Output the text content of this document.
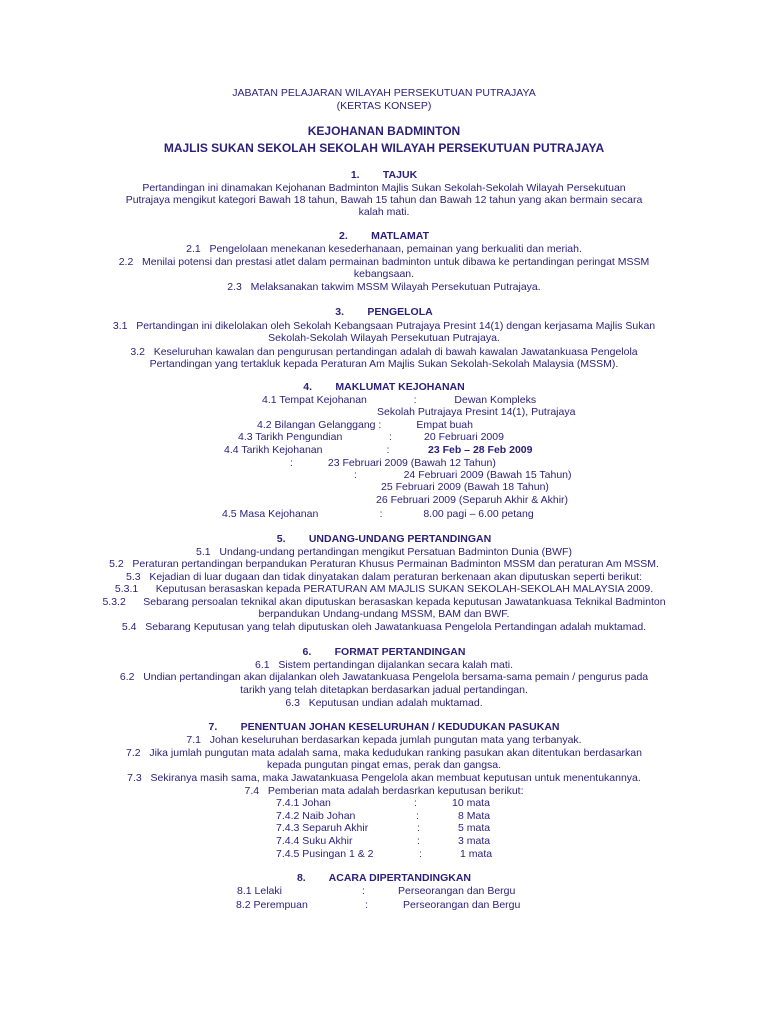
JABATAN PELAJARAN WILAYAH PERSEKUTUAN PUTRAJAYA
(KERTAS KONSEP)
KEJOHANAN BADMINTON
MAJLIS SUKAN SEKOLAH SEKOLAH WILAYAH PERSEKUTUAN PUTRAJAYA
1.        TAJUK
Pertandingan ini dinamakan Kejohanan Badminton Majlis Sukan Sekolah-Sekolah Wilayah Persekutuan
Putrajaya mengikut kategori Bawah 18 tahun, Bawah 15 tahun dan Bawah 12 tahun yang akan bermain secara
kalah mati.
2.        MATLAMAT
2.1   Pengelolaan menekanan kesederhanaan, pemainan yang berkualiti dan meriah.
2.2   Menilai potensi dan prestasi atlet dalam permainan badminton untuk dibawa ke pertandingan peringat MSSM
kebangsaan.
2.3   Melaksanakan takwim MSSM Wilayah Persekutuan Putrajaya.
3.        PENGELOLA
3.1   Pertandingan ini dikelolakan oleh Sekolah Kebangsaan Putrajaya Presint 14(1) dengan kerjasama Majlis Sukan
Sekolah-Sekolah Wilayah Persekutuan Putrajaya.
3.2   Keseluruhan kawalan dan pengurusan pertandingan adalah di bawah kawalan Jawatankuasa Pengelola
Pertandingan yang tertakluk kepada Peraturan Am Majlis Sukan Sekolah-Sekolah Malaysia (MSSM).
4.        MAKLUMAT KEJOHANAN
4.1 Tempat Kejohanan                :             Dewan Kompleks
Sekolah Putrajaya Presint 14(1), Putrajaya
4.2 Bilangan Gelanggang :            Empat buah
4.3 Tarikh Pengundian                :           20 Februari 2009
4.4 Tarikh Kejohanan                      :	23 Feb – 28 Feb 2009
:            23 Februari 2009 (Bawah 12 Tahun)
:                24 Februari 2009 (Bawah 15 Tahun)
25 Februari 2009 (Bawah 18 Tahun)
26 Februari 2009 (Separuh Akhir & Akhir)
4.5 Masa Kejohanan                     :              8.00 pagi – 6.00 petang
5.        UNDANG-UNDANG PERTANDINGAN
5.1   Undang-undang pertandingan mengikut Persatuan Badminton Dunia (BWF)
5.2   Peraturan pertandingan berpandukan Peraturan Khusus Permainan Badminton MSSM dan peraturan Am MSSM.
5.3   Kejadian di luar dugaan dan tidak dinyatakan dalam peraturan berkenaan akan diputuskan seperti berikut:
5.3.1      Keputusan berasaskan kepada PERATURAN AM MAJLIS SUKAN SEKOLAH-SEKOLAH MALAYSIA 2009.
5.3.2      Sebarang persoalan teknikal akan diputuskan berasaskan kepada keputusan Jawatankuasa Teknikal Badminton
berpandukan Undang-undang MSSM, BAM dan BWF.
5.4   Sebarang Keputusan yang telah diputuskan oleh Jawatankuasa Pengelola Pertandingan adalah muktamad.
6.        FORMAT PERTANDINGAN
6.1   Sistem pertandingan dijalankan secara kalah mati.
6.2   Undian pertandingan akan dijalankan oleh Jawatankuasa Pengelola bersama-sama pemain / pengurus pada
tarikh yang telah ditetapkan berdasarkan jadual pertandingan.
6.3   Keputusan undian adalah muktamad.
7.        PENENTUAN JOHAN KESELURUHAN / KEDUDUKAN PASUKAN
7.1   Johan keseluruhan berdasarkan kepada jumlah pungutan mata yang terbanyak.
7.2   Jika jumlah pungutan mata adalah sama, maka kedudukan ranking pasukan akan ditentukan berdasarkan
kepada pungutan pingat emas, perak dan gangsa.
7.3   Sekiranya masih sama, maka Jawatankuasa Pengelola akan membuat keputusan untuk menentukannya.
7.4   Pemberian mata adalah berdasrkan keputusan berikut:
7.4.1 Johan	:	10 mata
7.4.2 Naib Johan	:	8 Mata
7.4.3 Separuh Akhir	:	5 mata
7.4.4 Suku Akhir	:	3 mata
7.4.5 Pusingan 1 & 2	:	1 mata
8.        ACARA DIPERTANDINGKAN
8.1 Lelaki	:	Perseorangan dan Bergu
8.2 Perempuan	:	Perseorangan dan Bergu
